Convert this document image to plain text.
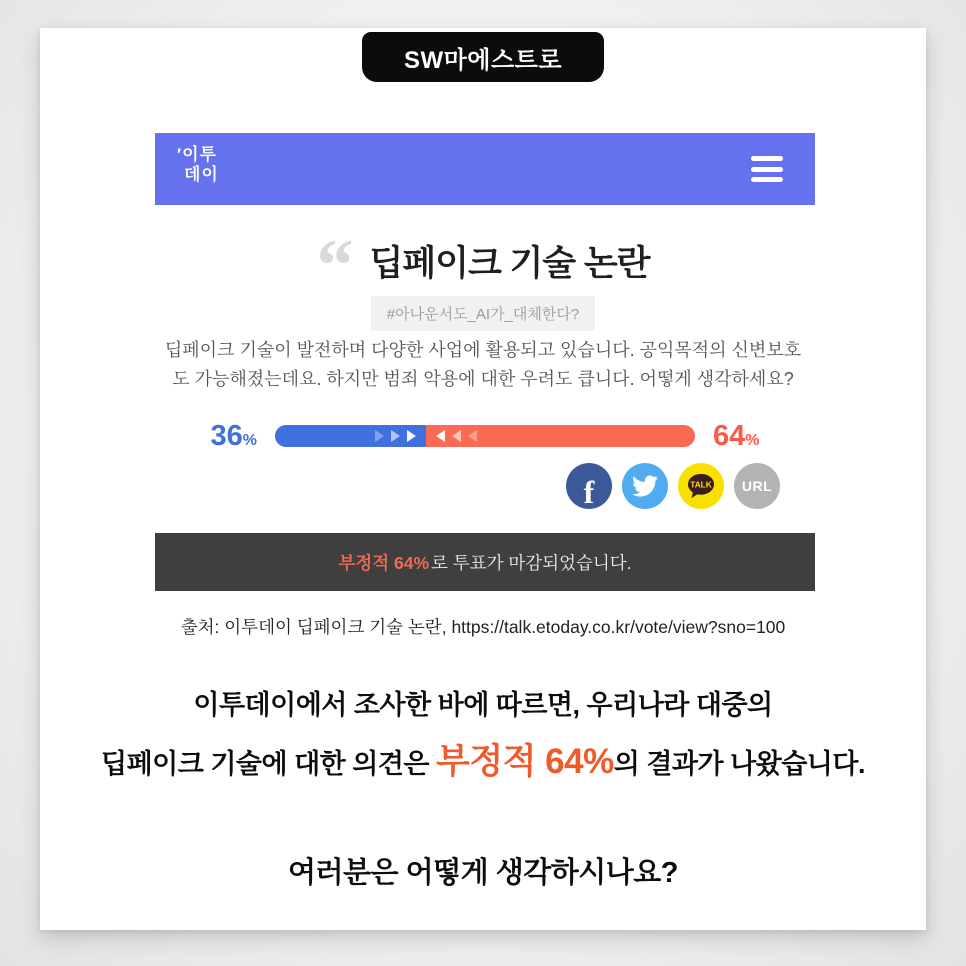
SW마에스트로
′이투
데이
“ 딥페이크 기술 논란
#아나운서도_AI가_대체한다?
딥페이크 기술이 발전하며 다양한 사업에 활용되고 있습니다. 공익목적의 신변보호
도 가능해졌는데요. 하지만 범죄 악용에 대한 우려도 큽니다. 어떻게 생각하세요?
36%	64%
f	TALK URL
부정적 64% 로 투표가 마감되었습니다.
출처: 이투데이 딥페이크 기술 논란, https://talk.etoday.co.kr/vote/view?sno=100
이투데이에서 조사한 바에 따르면, 우리나라 대중의
딥페이크 기술에 대한 의견은 부정적 64%의 결과가 나왔습니다.
여러분은 어떻게 생각하시나요?
